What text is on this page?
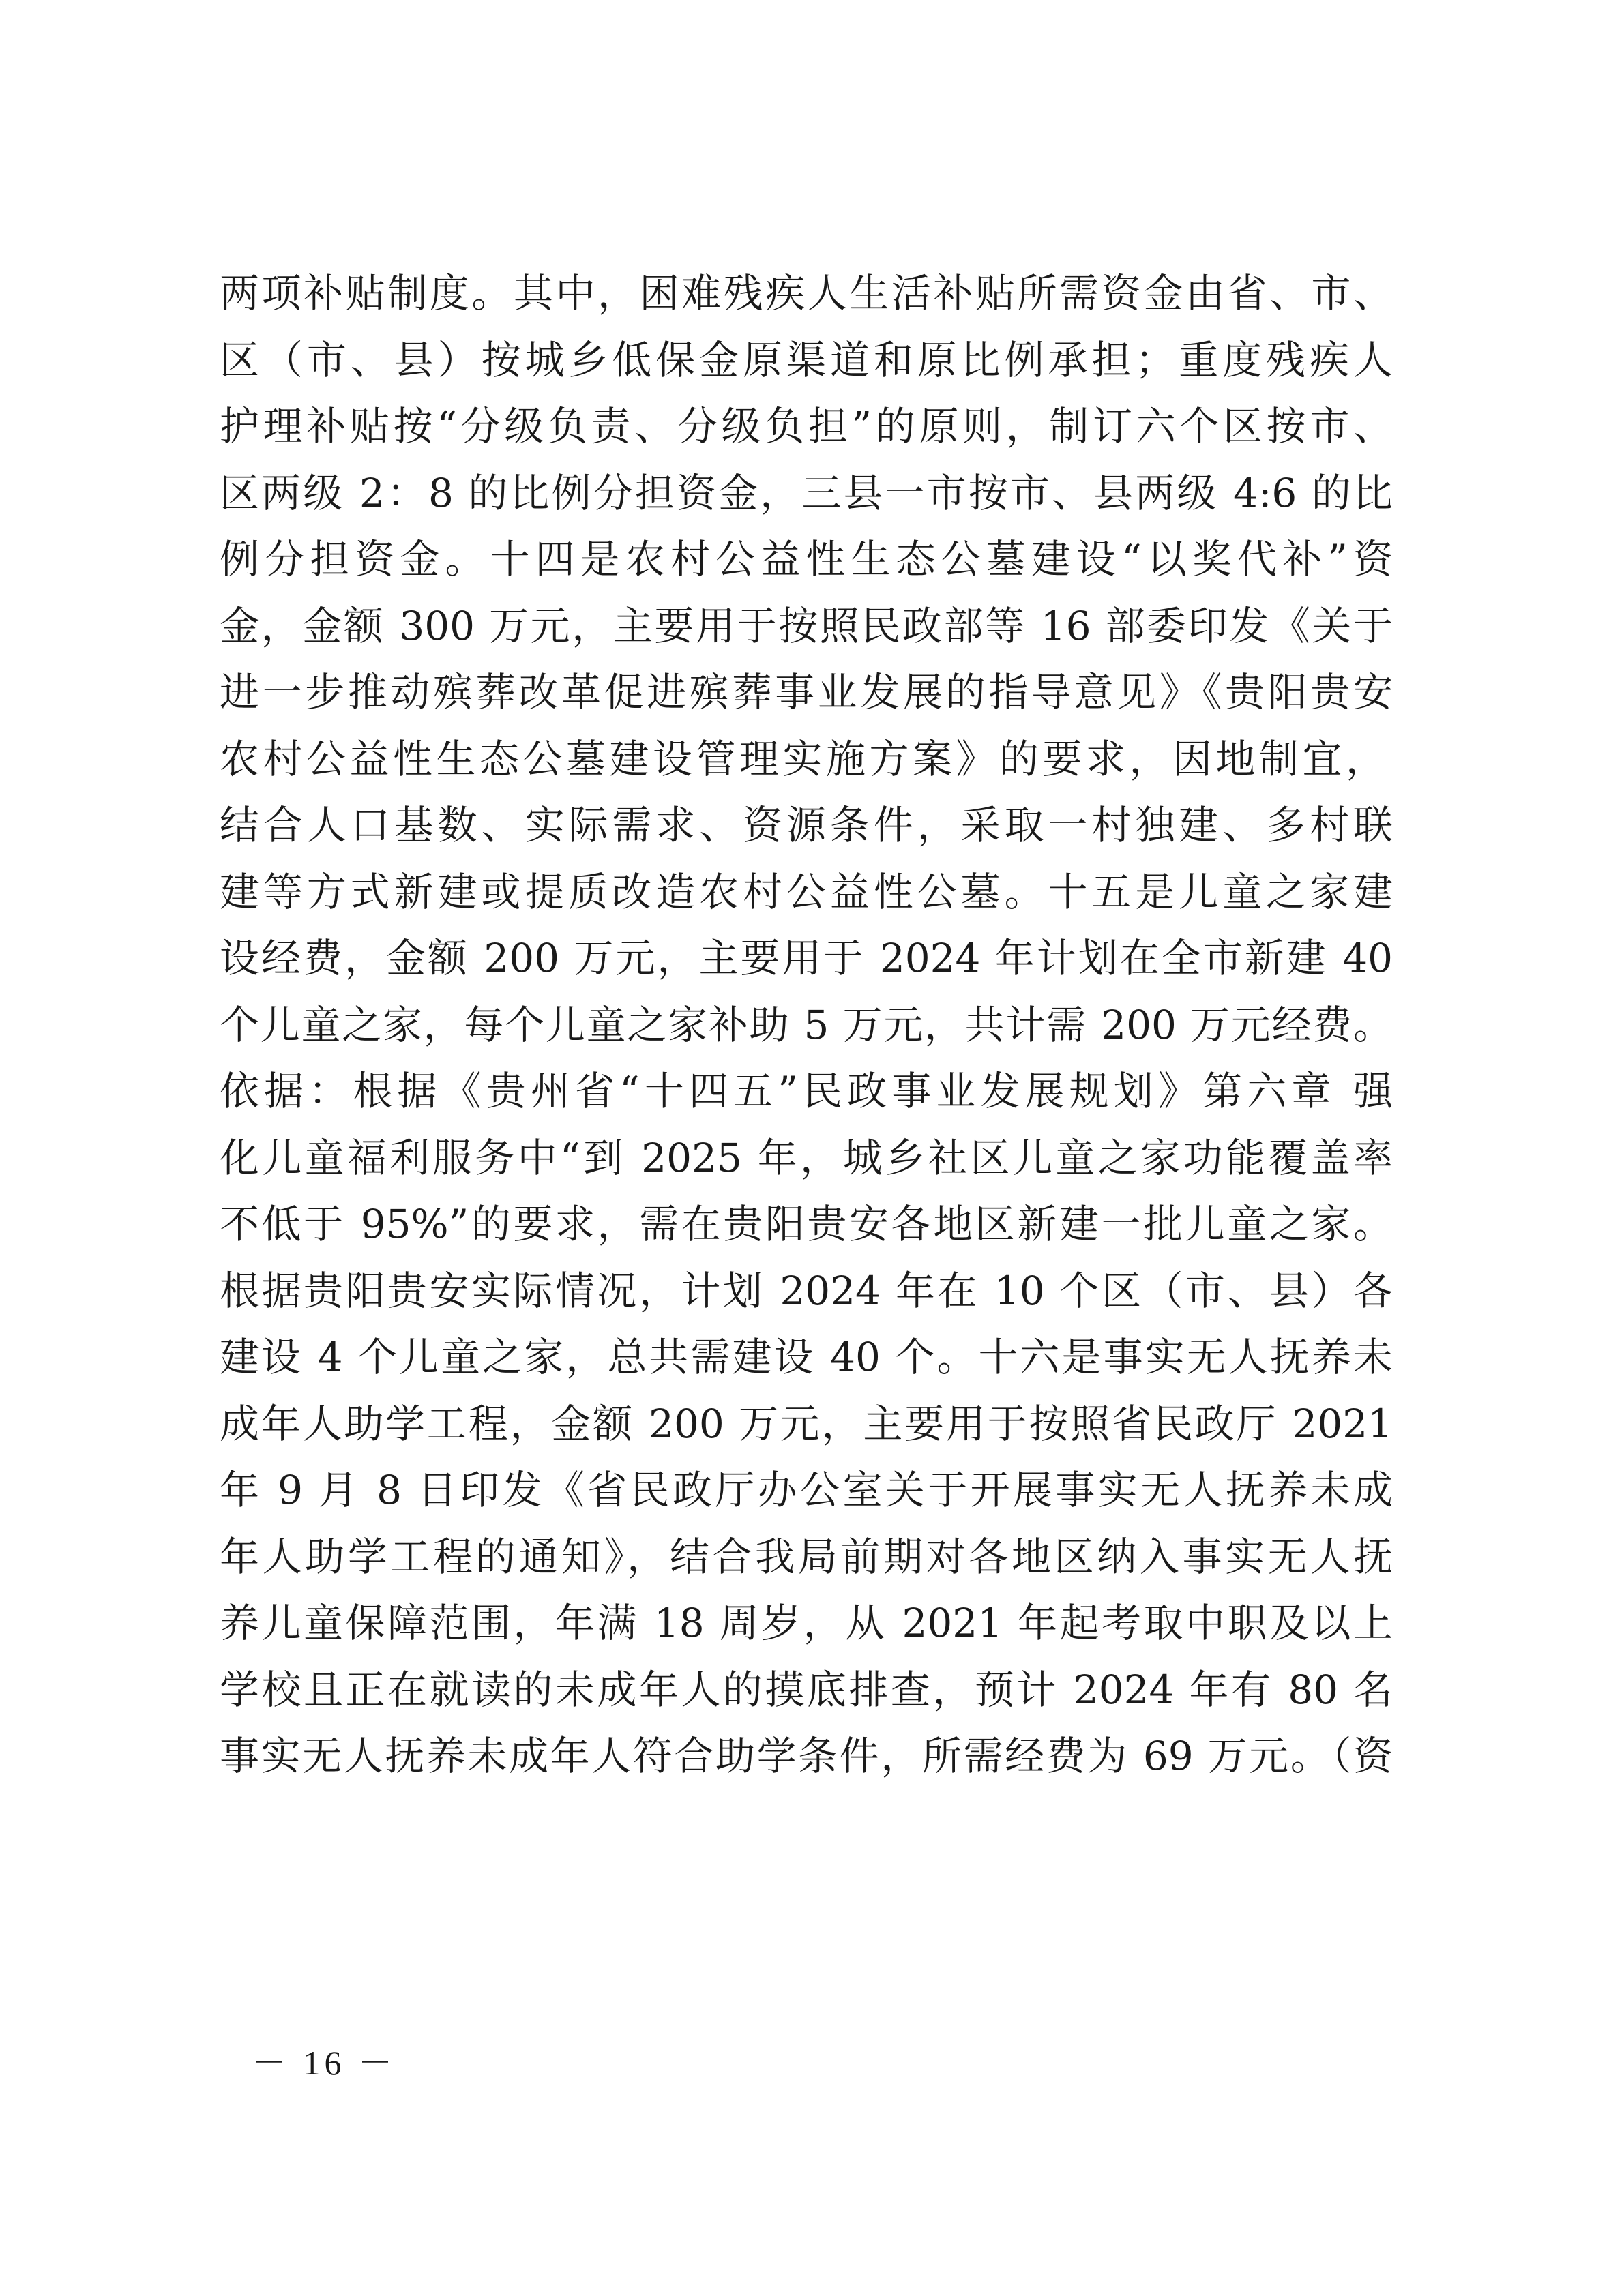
两项补贴制度。其中，困难残疾人生活补贴所需资金由省、市、
区（市、县）按城乡低保金原渠道和原比例承担；重度残疾人
护理补贴按“分级负责、分级负担”的原则，制订六个区按市、
区两级 2：8 的比例分担资金，三县一市按市、县两级 4:6 的比
例分担资金。十四是农村公益性生态公墓建设“以奖代补”资
金，金额 300 万元，主要用于按照民政部等 16 部委印发《关于
进一步推动殡葬改革促进殡葬事业发展的指导意见》《贵阳贵安
农村公益性生态公墓建设管理实施方案》的要求，因地制宜，
结合人口基数、实际需求、资源条件，采取一村独建、多村联
建等方式新建或提质改造农村公益性公墓。十五是儿童之家建
设经费，金额 200 万元，主要用于 2024 年计划在全市新建 40
个儿童之家，每个儿童之家补助 5 万元，共计需 200 万元经费。
依据：根据《贵州省“十四五”民政事业发展规划》第六章 强
化儿童福利服务中“到 2025 年，城乡社区儿童之家功能覆盖率
不低于 95%”的要求，需在贵阳贵安各地区新建一批儿童之家。
根据贵阳贵安实际情况，计划 2024 年在 10 个区（市、县）各
建设 4 个儿童之家，总共需建设 40 个。十六是事实无人抚养未
成年人助学工程，金额 200 万元，主要用于按照省民政厅 2021
年 9 月 8 日印发《省民政厅办公室关于开展事实无人抚养未成
年人助学工程的通知》，结合我局前期对各地区纳入事实无人抚
养儿童保障范围，年满 18 周岁，从 2021 年起考取中职及以上
学校且正在就读的未成年人的摸底排查，预计 2024 年有 80 名
事实无人抚养未成年人符合助学条件，所需经费为 69 万元。（资
－ 16 －
